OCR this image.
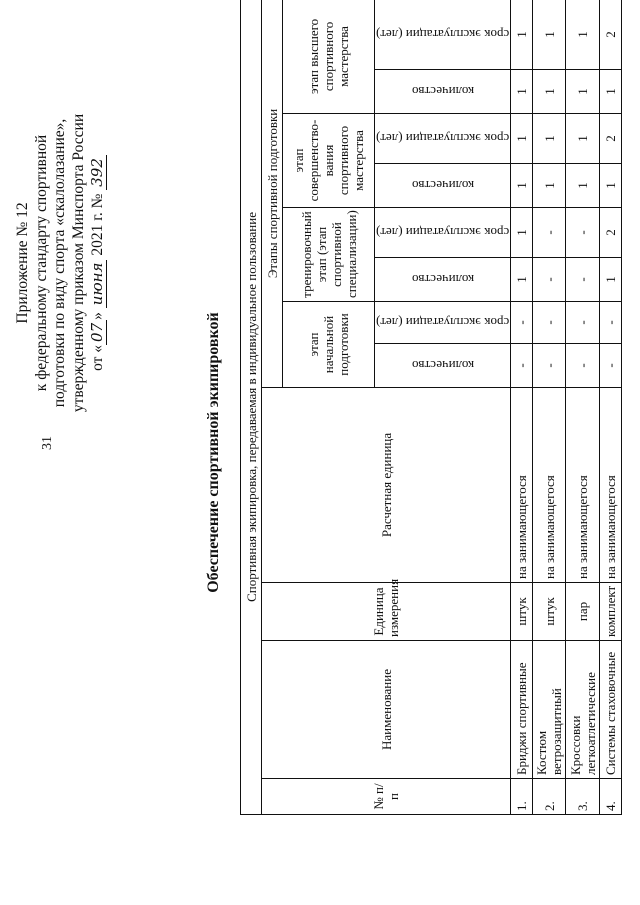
31
Приложение № 12 к федеральному стандарту спортивной подготовки по виду спорта «скалолазание», утвержденному приказом Минспорта России от «07» июня 2021 г. № 392
Обеспечение спортивной экипировкой Спортивная экипировка, передаваемая в индивидуальное пользование											
№ п/п	Наименование	Единица измерения	Расчетная единица	Этапы спортивной подготовки							
				этап начальной подготовки		тренировочный этап (этап спортивной специализации)		этап совершенство- вания спортивного мастерства		этап высшего спортивного мастерства	

				количество	срок эксплуатации (лет)	количество	срок эксплуатации (лет)	количество	срок эксплуатации (лет)	количество	срок эксплуатации (лет)

1.	Бриджи спортивные	штук	на занимающегося	-	-	1	1	1	1	1	1
2.	Костюм ветрозащитный	штук	на занимающегося	-	-	-	-	1	1	1	1
3.	Кроссовки легкоатлетические	пар	на занимающегося	-	-	-	-	1	1	1	1
4.	Системы стаховочные	комплект	на занимающегося	-	-	1	2	1	2	1	2
